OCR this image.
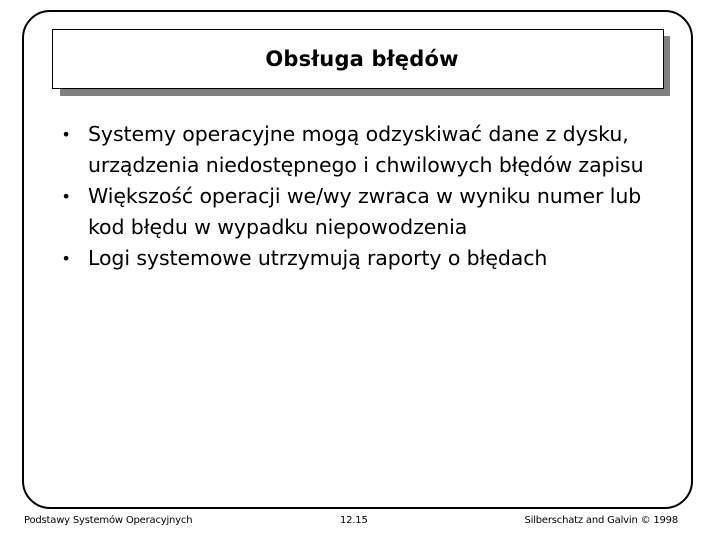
Obsługa błędów
• Systemy operacyjne mogą odzyskiwać dane z dysku, urządzenia niedostępnego i chwilowych błędów zapisu
• Większość operacji we/wy zwraca w wyniku numer lub kod błędu w wypadku niepowodzenia
• Logi systemowe utrzymują raporty o błędach
Podstawy Systemów Operacyjnych	12.15	Silberschatz and Galvin © 1998
